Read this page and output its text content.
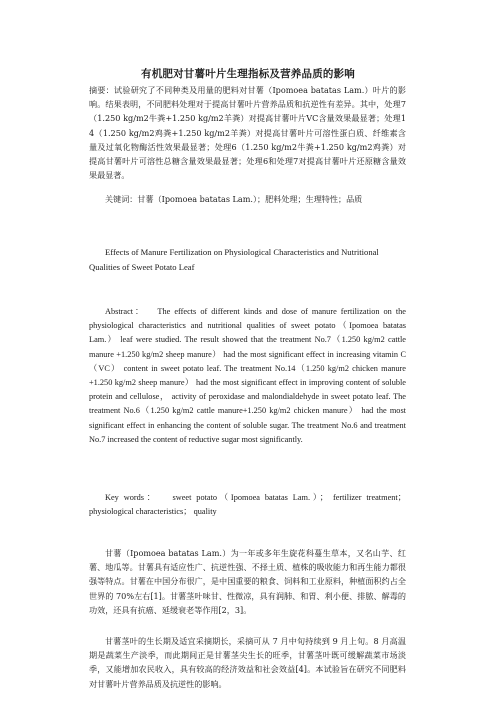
有机肥对甘薯叶片生理指标及营养品质的影响
摘要：试验研究了不同种类及用量的肥料对甘薯（Ipomoea batatas Lam.）叶片的影响。结果表明，不同肥料处理对于提高甘薯叶片营养品质和抗逆性有差异。其中，处理7（1.250 kg/m2牛粪+1.250 kg/m2羊粪）对提高甘薯叶片VC含量效果最显著；处理14（1.250 kg/m2鸡粪+1.250 kg/m2羊粪）对提高甘薯叶片可溶性蛋白质、纤维素含量及过氧化物酶活性效果最显著；处理6（1.250 kg/m2牛粪+1.250 kg/m2鸡粪）对提高甘薯叶片可溶性总糖含量效果最显著；处理6和处理7对提高甘薯叶片还原糖含量效果最显著。
关键词：甘薯（Ipomoea batatas Lam.）；肥料处理；生理特性；品质
Effects of Manure Fertilization on Physiological Characteristics and Nutritional Qualities of Sweet Potato Leaf
Abstract： The effects of different kinds and dose of manure fertilization on the physiological characteristics and nutritional qualities of sweet potato（Ipomoea batatas Lam.） leaf were studied. The result showed that the treatment No.7（1.250 kg/m2 cattle manure +1.250 kg/m2 sheep manure） had the most significant effect in increasing vitamin C（VC） content in sweet potato leaf. The treatment No.14（1.250 kg/m2 chicken manure +1.250 kg/m2 sheep manure） had the most significant effect in improving content of soluble protein and cellulose， activity of peroxidase and malondialdehyde in sweet potato leaf. The treatment No.6（1.250 kg/m2 cattle manure+1.250 kg/m2 chicken manure） had the most significant effect in enhancing the content of soluble sugar. The treatment No.6 and treatment No.7 increased the content of reductive sugar most significantly.
Key words： sweet potato（Ipomoea batatas Lam.）； fertilizer treatment； physiological characteristics； quality
甘薯（Ipomoea batatas Lam.）为一年或多年生旋花科蔓生草本，又名山芋、红薯、地瓜等。甘薯具有适应性广、抗逆性强、不择土质、植株的吸收能力和再生能力都很强等特点。甘薯在中国分布很广，是中国重要的粮食、饲料和工业原料，种植面积约占全世界的 70%左右[1]。甘薯茎叶味甘、性微凉，具有润肺、和胃、利小便、排脓、解毒的功效，还具有抗癌、延缓衰老等作用[2，3]。
甘薯茎叶的生长期及适宜采摘期长，采摘可从 7 月中旬持续到 9 月上旬。8 月高温期是蔬菜生产淡季，而此期间正是甘薯茎尖生长的旺季，甘薯茎叶既可缓解蔬菜市场淡季，又能增加农民收入，具有较高的经济效益和社会效益[4]。本试验旨在研究不同肥料对甘薯叶片营养品质及抗逆性的影响。
